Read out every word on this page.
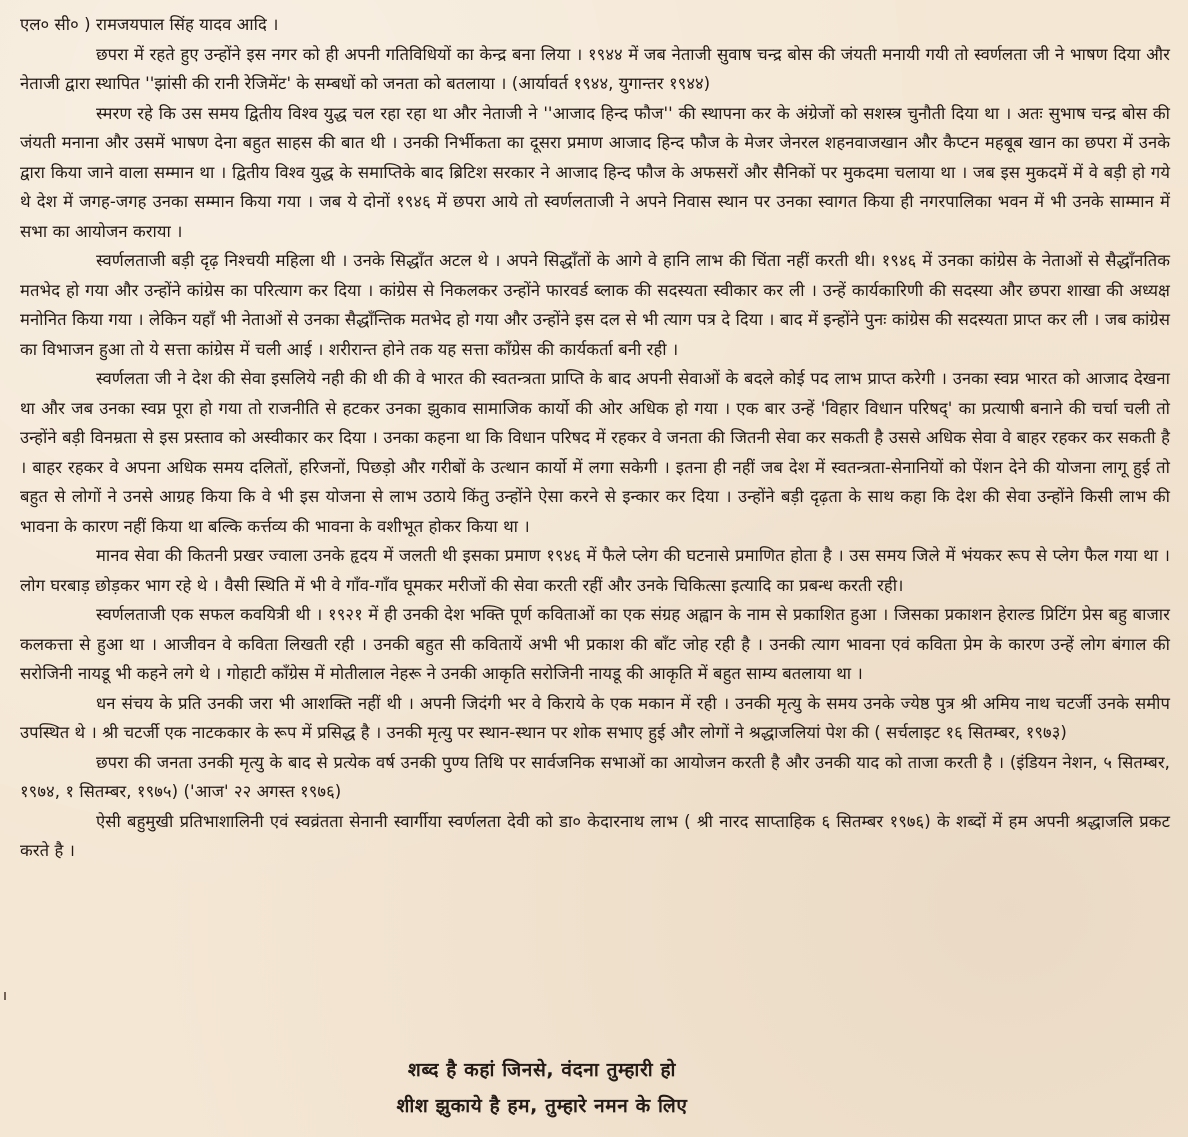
एल० सी० ) रामजयपाल सिंह यादव आदि ।

छपरा में रहते हुए उन्होंने इस नगर को ही अपनी गतिविधियों का केन्द्र बना लिया । १९४४ में जब नेताजी सुवाष चन्द्र बोस की जंयती मनायी गयी तो स्वर्णलता जी ने भाषण दिया और नेताजी द्वारा स्थापित ''झांसी की रानी रेजिमेंट' के सम्बधों को जनता को बतलाया । (आर्यावर्त १९४४, युगान्तर १९४४)

स्मरण रहे कि उस समय द्वितीय विश्व युद्ध चल रहा रहा था और नेताजी ने ''आजाद हिन्द फौज'' की स्थापना कर के अंग्रेजों को सशस्त्र चुनौती दिया था । अतः सुभाष चन्द्र बोस की जंयती मनाना और उसमें भाषण देना बहुत साहस की बात थी । उनकी निर्भीकता का दूसरा प्रमाण आजाद हिन्द फौज के मेजर जेनरल शहनवाजखान और कैप्टन महबूब खान का छपरा में उनके द्वारा किया जाने वाला सम्मान था । द्वितीय विश्व युद्ध के समाप्तिके बाद ब्रिटिश सरकार ने आजाद हिन्द फौज के अफसरों और सैनिकों पर मुकदमा चलाया था । जब इस मुकदमें में वे बड़ी हो गये थे देश में जगह-जगह उनका सम्मान किया गया । जब ये दोनों १९४६ में छपरा आये तो स्वर्णलताजी ने अपने निवास स्थान पर उनका स्वागत किया ही नगरपालिका भवन में भी उनके साम्मान में सभा का आयोजन कराया ।

स्वर्णलताजी बड़ी दृढ़ निश्चयी महिला थी । उनके सिद्धाँत अटल थे । अपने सिद्धाँतों के आगे वे हानि लाभ की चिंता नहीं करती थी। १९४६ में उनका कांग्रेस के नेताओं से सैद्धाँनतिक मतभेद हो गया और उन्होंने कांग्रेस का परित्याग कर दिया । कांग्रेस से निकलकर उन्होंने फारवर्ड ब्लाक की सदस्यता स्वीकार कर ली । उन्हें कार्यकारिणी की सदस्या और छपरा शाखा की अध्यक्ष मनोनित किया गया । लेकिन यहाँ भी नेताओं से उनका सैद्धाँन्तिक मतभेद हो गया और उन्होंने इस दल से भी त्याग पत्र दे दिया । बाद में इन्होंने पुनः कांग्रेस की सदस्यता प्राप्त कर ली । जब कांग्रेस का विभाजन हुआ तो ये सत्ता कांग्रेस में चली आई । शरीरान्त होने तक यह सत्ता काँग्रेस की कार्यकर्ता बनी रही ।

स्वर्णलता जी ने देश की सेवा इसलिये नही की थी की वे भारत की स्वतन्त्रता प्राप्ति के बाद अपनी सेवाओं के बदले कोई पद लाभ प्राप्त करेगी । उनका स्वप्न भारत को आजाद देखना था और जब उनका स्वप्न पूरा हो गया तो राजनीति से हटकर उनका झुकाव सामाजिक कार्यो की ओर अधिक हो गया । एक बार उन्हें 'विहार विधान परिषद्' का प्रत्याषी बनाने की चर्चा चली तो उन्होंने बड़ी विनम्रता से इस प्रस्ताव को अस्वीकार कर दिया । उनका कहना था कि विधान परिषद में रहकर वे जनता की जितनी सेवा कर सकती है उससे अधिक सेवा वे बाहर रहकर कर सकती है । बाहर रहकर वे अपना अधिक समय दलितों, हरिजनों, पिछड़ो और गरीबों के उत्थान कार्यो में लगा सकेगी । इतना ही नहीं जब देश में स्वतन्त्रता-सेनानियों को पेंशन देने की योजना लागू हुई तो बहुत से लोगों ने उनसे आग्रह किया कि वे भी इस योजना से लाभ उठाये किंतु उन्होंने ऐसा करने से इन्कार कर दिया । उन्होंने बड़ी दृढ़ता के साथ कहा कि देश की सेवा उन्होंने किसी लाभ की भावना के कारण नहीं किया था बल्कि कर्त्तव्य की भावना के वशीभूत होकर किया था ।

मानव सेवा की कितनी प्रखर ज्वाला उनके हृदय में जलती थी इसका प्रमाण १९४६ में फैले प्लेग की घटनासे प्रमाणित होता है । उस समय जिले में भंयकर रूप से प्लेग फैल गया था । लोग घरबाड़ छोड़कर भाग रहे थे । वैसी स्थिति में भी वे गाँव-गाँव घूमकर मरीजों की सेवा करती रहीं और उनके चिकित्सा इत्यादि का प्रबन्ध करती रही।

स्वर्णलताजी एक सफल कवयित्री थी । १९२१ में ही उनकी देश भक्ति पूर्ण कविताओं का एक संग्रह अह्वान के नाम से प्रकाशित हुआ । जिसका प्रकाशन हेराल्ड प्रिटिंग प्रेस बहु बाजार कलकत्ता से हुआ था । आजीवन वे कविता लिखती रही । उनकी बहुत सी कवितायें अभी भी प्रकाश की बाँट जोह रही है । उनकी त्याग भावना एवं कविता प्रेम के कारण उन्हें लोग बंगाल की सरोजिनी नायडू भी कहने लगे थे । गोहाटी काँग्रेस में मोतीलाल नेहरू ने उनकी आकृति सरोजिनी नायडू की आकृति में बहुत साम्य बतलाया था ।

धन संचय के प्रति उनकी जरा भी आशक्ति नहीं थी । अपनी जिदंगी भर वे किराये के एक मकान में रही । उनकी मृत्यु के समय उनके ज्येष्ठ पुत्र श्री अमिय नाथ चटर्जी उनके समीप उपस्थित थे । श्री चटर्जी एक नाटककार के रूप में प्रसिद्ध है । उनकी मृत्यु पर स्थान-स्थान पर शोक सभाए हुई और लोगों ने श्रद्धाजलियां पेश की ( सर्चलाइट १६ सितम्बर, १९७३)

छपरा की जनता उनकी मृत्यु के बाद से प्रत्येक वर्ष उनकी पुण्य तिथि पर सार्वजनिक सभाओं का आयोजन करती है और उनकी याद को ताजा करती है । (इंडियन नेशन, ५ सितम्बर, १९७४, १ सितम्बर, १९७५) ('आज' २२ अगस्त १९७६)

ऐसी बहुमुखी प्रतिभाशालिनी एवं स्वव्रंतता सेनानी स्वार्गीया स्वर्णलता देवी को डा० केदारनाथ लाभ ( श्री नारद साप्ताहिक ६ सितम्बर १९७६) के शब्दों में हम अपनी श्रद्धाजलि प्रकट करते है ।

शब्द है कहां जिनसे, वंदना तुम्हारी हो
शीश झुकाये है हम, तुम्हारे नमन के लिए
